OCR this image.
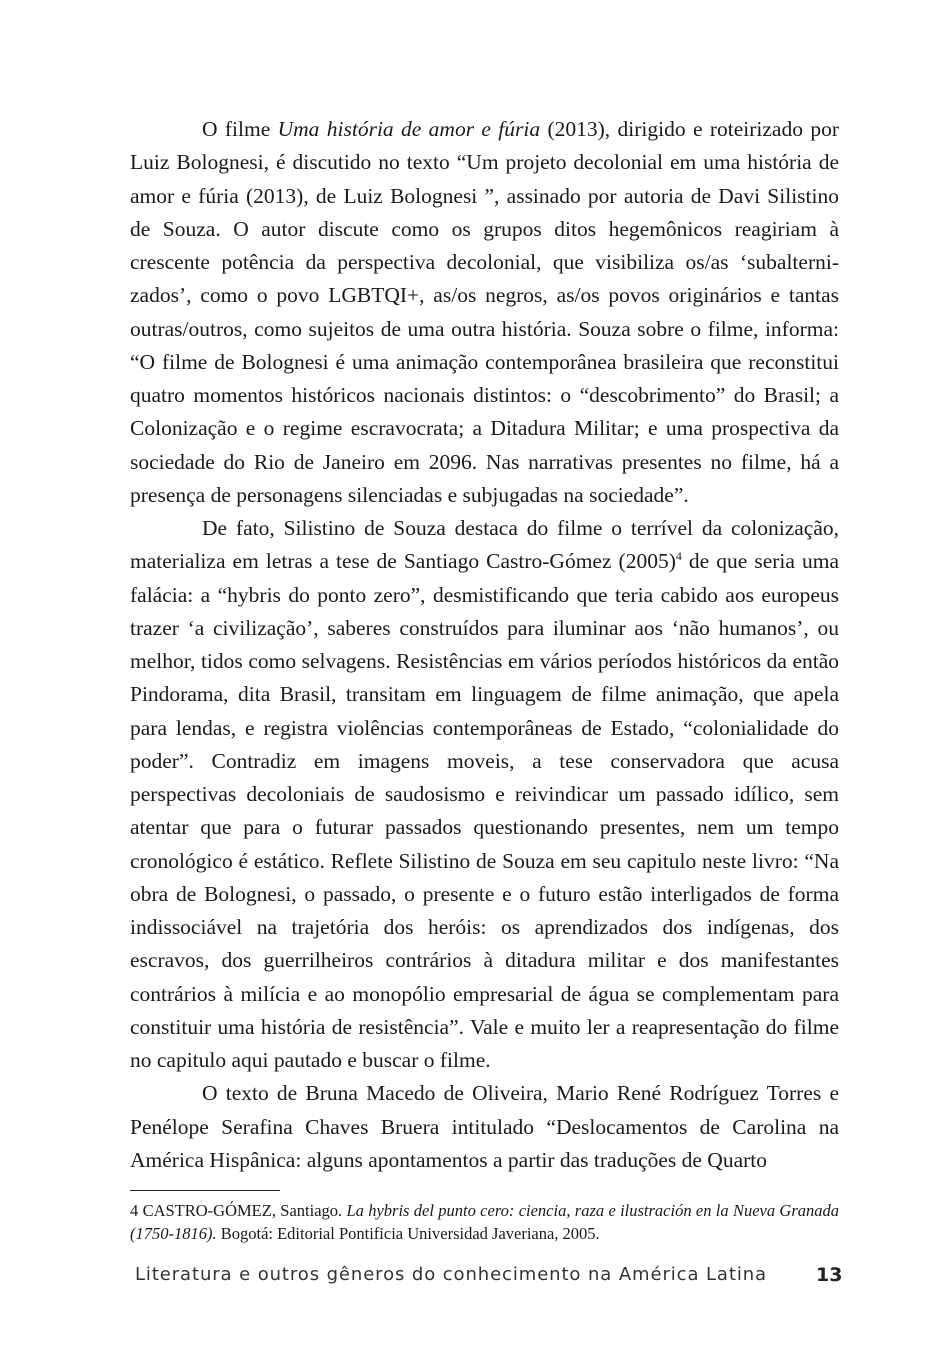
O filme Uma história de amor e fúria (2013), dirigido e roteirizado por Luiz Bolognesi, é discutido no texto “Um projeto decolonial em uma história de amor e fúria (2013), de Luiz Bolognesi ”, assinado por autoria de Davi Silistino de Souza. O autor discute como os grupos ditos hegemônicos reagiriam à crescente potência da perspectiva decolonial, que visibiliza os/as ‘subalternizados’, como o povo LGBTQI+, as/os negros, as/os povos originários e tantas outras/outros, como sujeitos de uma outra história. Souza sobre o filme, informa: “O filme de Bolognesi é uma animação contemporânea brasileira que reconstitui quatro momentos históricos nacionais distintos: o “descobrimento” do Brasil; a Colonização e o regime escravocrata; a Ditadura Militar; e uma prospectiva da sociedade do Rio de Janeiro em 2096. Nas narrativas presentes no filme, há a presença de personagens silenciadas e subjugadas na sociedade”.

De fato, Silistino de Souza destaca do filme o terrível da colonização, materializa em letras a tese de Santiago Castro-Gómez $(2005)^4$ de que seria uma falácia: a “hybris do ponto zero”, desmistificando que teria cabido aos europeus trazer ‘a civilização’, saberes construídos para iluminar aos ‘não humanos’, ou melhor, tidos como selvagens. Resistências em vários períodos históricos da então Pindorama, dita Brasil, transitam em linguagem de filme animação, que apela para lendas, e registra violências contemporâneas de Estado, “colonialidade do poder”. Contradiz em imagens moveis, a tese conservadora que acusa perspectivas decoloniais de saudosismo e reivindicar um passado idílico, sem atentar que para o futurar passados questionando presentes, nem um tempo cronológico é estático. Reflete Silistino de Souza em seu capitulo neste livro: “Na obra de Bolognesi, o passado, o presente e o futuro estão interligados de forma indissociável na trajetória dos heróis: os aprendizados dos indígenas, dos escravos, dos guerrilheiros contrários à ditadura militar e dos manifestantes contrários à milícia e ao monopólio empresarial de água se complementam para constituir uma história de resistência”. Vale e muito ler a reapresentação do filme no capitulo aqui pautado e buscar o filme.

O texto de Bruna Macedo de Oliveira, Mario René Rodríguez Torres e Penélope Serafina Chaves Bruera intitulado “Deslocamentos de Carolina na América Hispânica: alguns apontamentos a partir das traduções de Quarto

4 CASTRO-GÓMEZ, Santiago. La hybris del punto cero: ciencia, raza e ilustración en la Nueva Granada (1750-1816). Bogotá: Editorial Pontificia Universidad Javeriana, 2005.
Literatura e outros gêneros do conhecimento na América Latina	13
